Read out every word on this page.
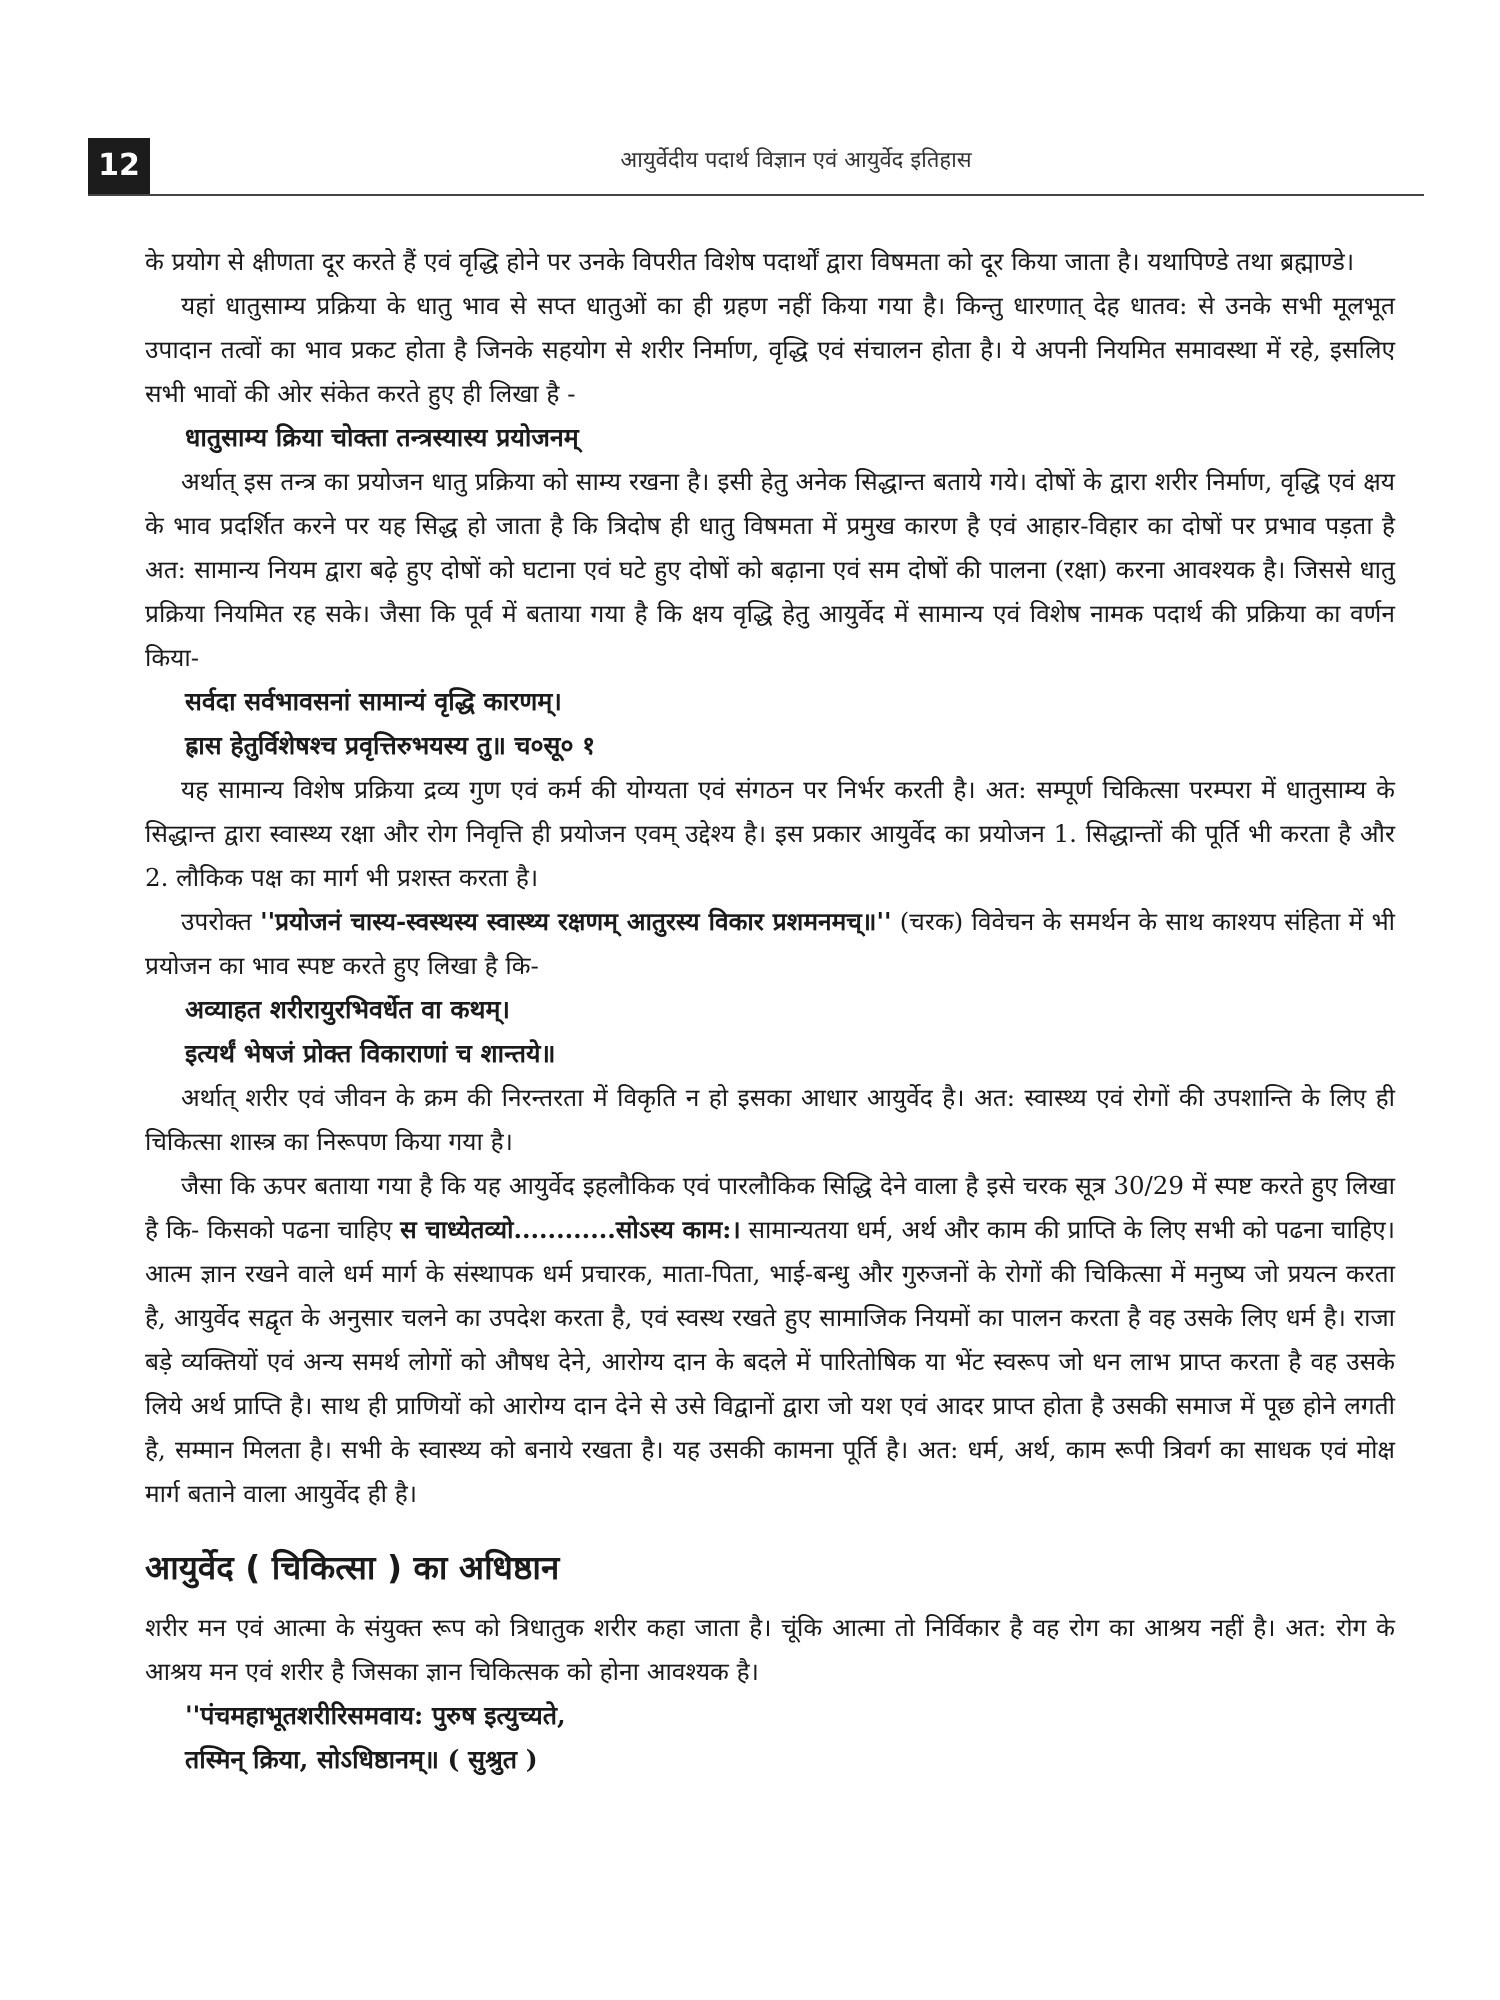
12	आयुर्वेदीय पदार्थ विज्ञान एवं आयुर्वेद इतिहास

के प्रयोग से क्षीणता दूर करते हैं एवं वृद्धि होने पर उनके विपरीत विशेष पदार्थों द्वारा विषमता को दूर किया जाता है। यथापिण्डे तथा ब्रह्माण्डे।

यहां धातुसाम्य प्रक्रिया के धातु भाव से सप्त धातुओं का ही ग्रहण नहीं किया गया है। किन्तु धारणात् देह धातव: से उनके सभी मूलभूत उपादान तत्वों का भाव प्रकट होता है जिनके सहयोग से शरीर निर्माण, वृद्धि एवं संचालन होता है। ये अपनी नियमित समावस्था में रहे, इसलिए सभी भावों की ओर संकेत करते हुए ही लिखा है -

धातुसाम्य क्रिया चोक्ता तन्त्रस्यास्य प्रयोजनम्

अर्थात् इस तन्त्र का प्रयोजन धातु प्रक्रिया को साम्य रखना है। इसी हेतु अनेक सिद्धान्त बताये गये। दोषों के द्वारा शरीर निर्माण, वृद्धि एवं क्षय के भाव प्रदर्शित करने पर यह सिद्ध हो जाता है कि त्रिदोष ही धातु विषमता में प्रमुख कारण है एवं आहार-विहार का दोषों पर प्रभाव पड़ता है अत: सामान्य नियम द्वारा बढ़े हुए दोषों को घटाना एवं घटे हुए दोषों को बढ़ाना एवं सम दोषों की पालना (रक्षा) करना आवश्यक है। जिससे धातु प्रक्रिया नियमित रह सके। जैसा कि पूर्व में बताया गया है कि क्षय वृद्धि हेतु आयुर्वेद में सामान्य एवं विशेष नामक पदार्थ की प्रक्रिया का वर्णन किया-

सर्वदा सर्वभावसनां सामान्यं वृद्धि कारणम्।

ह्रास हेतुर्विशेषश्च प्रवृत्तिरुभयस्य तु॥ च०सू० १

यह सामान्य विशेष प्रक्रिया द्रव्य गुण एवं कर्म की योग्यता एवं संगठन पर निर्भर करती है। अत: सम्पूर्ण चिकित्सा परम्परा में धातुसाम्य के सिद्धान्त द्वारा स्वास्थ्य रक्षा और रोग निवृत्ति ही प्रयोजन एवम् उद्देश्य है। इस प्रकार आयुर्वेद का प्रयोजन 1. सिद्धान्तों की पूर्ति भी करता है और 2. लौकिक पक्ष का मार्ग भी प्रशस्त करता है।

उपरोक्त ''प्रयोजनं चास्य-स्वस्थस्य स्वास्थ्य रक्षणम् आतुरस्य विकार प्रशमनमच्॥'' (चरक) विवेचन के समर्थन के साथ काश्यप संहिता में भी प्रयोजन का भाव स्पष्ट करते हुए लिखा है कि-

अव्याहत शरीरायुरभिवर्धेत वा कथम्।

इत्यर्थं भेषजं प्रोक्त विकाराणां च शान्तये॥

अर्थात् शरीर एवं जीवन के क्रम की निरन्तरता में विकृति न हो इसका आधार आयुर्वेद है। अत: स्वास्थ्य एवं रोगों की उपशान्ति के लिए ही चिकित्सा शास्त्र का निरूपण किया गया है।

जैसा कि ऊपर बताया गया है कि यह आयुर्वेद इहलौकिक एवं पारलौकिक सिद्धि देने वाला है इसे चरक सूत्र 30/29 में स्पष्ट करते हुए लिखा है कि- किसको पढना चाहिए स चाध्येतव्यो............सोऽस्य काम:। सामान्यतया धर्म, अर्थ और काम की प्राप्ति के लिए सभी को पढना चाहिए। आत्म ज्ञान रखने वाले धर्म मार्ग के संस्थापक धर्म प्रचारक, माता-पिता, भाई-बन्धु और गुरुजनों के रोगों की चिकित्सा में मनुष्य जो प्रयत्न करता है, आयुर्वेद सद्वृत के अनुसार चलने का उपदेश करता है, एवं स्वस्थ रखते हुए सामाजिक नियमों का पालन करता है वह उसके लिए धर्म है। राजा बड़े व्यक्तियों एवं अन्य समर्थ लोगों को औषध देने, आरोग्य दान के बदले में पारितोषिक या भेंट स्वरूप जो धन लाभ प्राप्त करता है वह उसके लिये अर्थ प्राप्ति है। साथ ही प्राणियों को आरोग्य दान देने से उसे विद्वानों द्वारा जो यश एवं आदर प्राप्त होता है उसकी समाज में पूछ होने लगती है, सम्मान मिलता है। सभी के स्वास्थ्य को बनाये रखता है। यह उसकी कामना पूर्ति है। अत: धर्म, अर्थ, काम रूपी त्रिवर्ग का साधक एवं मोक्ष मार्ग बताने वाला आयुर्वेद ही है।

आयुर्वेद ( चिकित्सा ) का अधिष्ठान

शरीर मन एवं आत्मा के संयुक्त रूप को त्रिधातुक शरीर कहा जाता है। चूंकि आत्मा तो निर्विकार है वह रोग का आश्रय नहीं है। अत: रोग के आश्रय मन एवं शरीर है जिसका ज्ञान चिकित्सक को होना आवश्यक है।

''पंचमहाभूतशरीरिसमवाय: पुरुष इत्युच्यते,

तस्मिन् क्रिया, सोऽधिष्ठानम्॥ ( सुश्रुत )
